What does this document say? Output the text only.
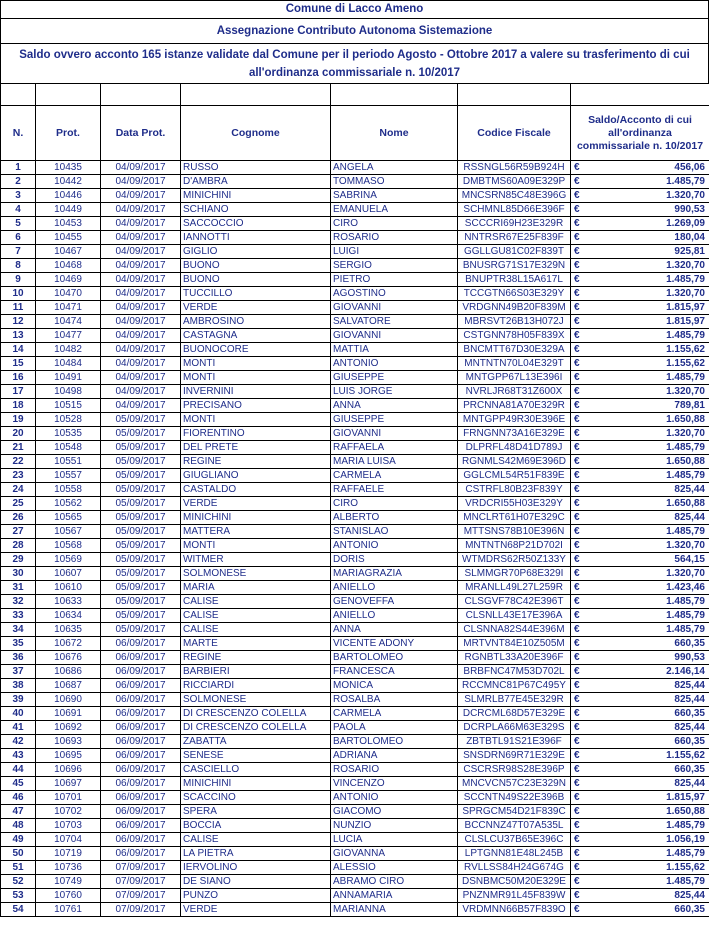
Comune di Lacco Ameno
Assegnazione Contributo Autonoma Sistemazione
Saldo ovvero acconto 165 istanze validate dal Comune per il periodo Agosto - Ottobre 2017 a valere su trasferimento di cui all'ordinanza commissariale n. 10/2017

N.	Prot.	Data Prot.	Cognome	Nome	Codice Fiscale	Saldo/Acconto di cui all'ordinanza commissariale n. 10/2017	
1	10435	04/09/2017	RUSSO	ANGELA	RSSNGL56R59B924H	€	456,06
2	10442	04/09/2017	D'AMBRA	TOMMASO	DMBTMS60A09E329P	€	1.485,79
3	10446	04/09/2017	MINICHINI	SABRINA	MNCSRN85C48E396G	€	1.320,70
4	10449	04/09/2017	SCHIANO	EMANUELA	SCHMNL85D66E396F	€	990,53
5	10453	04/09/2017	SACCOCCIO	CIRO	SCCCRI69H23E329R	€	1.269,09
6	10455	04/09/2017	IANNOTTI	ROSARIO	NNTRSR67E25F839F	€	180,04
7	10467	04/09/2017	GIGLIO	LUIGI	GGLLGU81C02F839T	€	925,81
8	10468	04/09/2017	BUONO	SERGIO	BNUSRG71S17E329N	€	1.320,70
9	10469	04/09/2017	BUONO	PIETRO	BNUPTR38L15A617L	€	1.485,79
10	10470	04/09/2017	TUCCILLO	AGOSTINO	TCCGTN66S03E329Y	€	1.320,70
11	10471	04/09/2017	VERDE	GIOVANNI	VRDGNN49B20F839M	€	1.815,97
12	10474	04/09/2017	AMBROSINO	SALVATORE	MBRSVT26B13H072J	€	1.815,97
13	10477	04/09/2017	CASTAGNA	GIOVANNI	CSTGNN78H05F839X	€	1.485,79
14	10482	04/09/2017	BUONOCORE	MATTIA	BNCMTT67D30E329A	€	1.155,62
15	10484	04/09/2017	MONTI	ANTONIO	MNTNTN70L04E329T	€	1.155,62
16	10491	04/09/2017	MONTI	GIUSEPPE	MNTGPP67L13E396I	€	1.485,79
17	10498	04/09/2017	INVERNINI	LUIS JORGE	NVRLJR68T31Z600X	€	1.320,70
18	10515	04/09/2017	PRECISANO	ANNA	PRCNNA81A70E329R	€	789,81
19	10528	05/09/2017	MONTI	GIUSEPPE	MNTGPP49R30E396E	€	1.650,88
20	10535	05/09/2017	FIORENTINO	GIOVANNI	FRNGNN73A16E329E	€	1.320,70
21	10548	05/09/2017	DEL PRETE	RAFFAELA	DLPRFL48D41D789J	€	1.485,79
22	10551	05/09/2017	REGINE	MARIA LUISA	RGNMLS42M69E396D	€	1.650,88
23	10557	05/09/2017	GIUGLIANO	CARMELA	GGLCML54R51F839E	€	1.485,79
24	10558	05/09/2017	CASTALDO	RAFFAELE	CSTRFL80B23F839Y	€	825,44
25	10562	05/09/2017	VERDE	CIRO	VRDCRI55H03E329Y	€	1.650,88
26	10565	05/09/2017	MINICHINI	ALBERTO	MNCLRT61H07E329C	€	825,44
27	10567	05/09/2017	MATTERA	STANISLAO	MTTSNS78B10E396N	€	1.485,79
28	10568	05/09/2017	MONTI	ANTONIO	MNTNTN68P21D702I	€	1.320,70
29	10569	05/09/2017	WITMER	DORIS	WTMDRS62R50Z133Y	€	564,15
30	10607	05/09/2017	SOLMONESE	MARIAGRAZIA	SLMMGR70P68E329I	€	1.320,70
31	10610	05/09/2017	MARIA	ANIELLO	MRANLL49L27L259R	€	1.423,46
32	10633	05/09/2017	CALISE	GENOVEFFA	CLSGVF78C42E396T	€	1.485,79
33	10634	05/09/2017	CALISE	ANIELLO	CLSNLL43E17E396A	€	1.485,79
34	10635	05/09/2017	CALISE	ANNA	CLSNNA82S44E396M	€	1.485,79
35	10672	06/09/2017	MARTE	VICENTE ADONY	MRTVNT84E10Z505M	€	660,35
36	10676	06/09/2017	REGINE	BARTOLOMEO	RGNBTL33A20E396F	€	990,53
37	10686	06/09/2017	BARBIERI	FRANCESCA	BRBFNC47M53D702L	€	2.146,14
38	10687	06/09/2017	RICCIARDI	MONICA	RCCMNC81P67C495Y	€	825,44
39	10690	06/09/2017	SOLMONESE	ROSALBA	SLMRLB77E45E329R	€	825,44
40	10691	06/09/2017	DI CRESCENZO COLELLA	CARMELA	DCRCML68D57E329E	€	660,35
41	10692	06/09/2017	DI CRESCENZO COLELLA	PAOLA	DCRPLA66M63E329S	€	825,44
42	10693	06/09/2017	ZABATTA	BARTOLOMEO	ZBTBTL91S21E396F	€	660,35
43	10695	06/09/2017	SENESE	ADRIANA	SNSDRN69R71E329E	€	1.155,62
44	10696	06/09/2017	CASCIELLO	ROSARIO	CSCRSR98S28E396P	€	660,35
45	10697	06/09/2017	MINICHINI	VINCENZO	MNCVCN57C23E329N	€	825,44
46	10701	06/09/2017	SCACCINO	ANTONIO	SCCNTN49S22E396B	€	1.815,97
47	10702	06/09/2017	SPERA	GIACOMO	SPRGCM54D21F839C	€	1.650,88
48	10703	06/09/2017	BOCCIA	NUNZIO	BCCNNZ47T07A535L	€	1.485,79
49	10704	06/09/2017	CALISE	LUCIA	CLSLCU37B65E396C	€	1.056,19
50	10719	06/09/2017	LA PIETRA	GIOVANNA	LPTGNN81E48L245B	€	1.485,79
51	10736	07/09/2017	IERVOLINO	ALESSIO	RVLLSS84H24G674G	€	1.155,62
52	10749	07/09/2017	DE SIANO	ABRAMO CIRO	DSNBMC50M20E329E	€	1.485,79
53	10760	07/09/2017	PUNZO	ANNAMARIA	PNZNMR91L45F839W	€	825,44
54	10761	07/09/2017	VERDE	MARIANNA	VRDMNN66B57F839O	€	660,35
